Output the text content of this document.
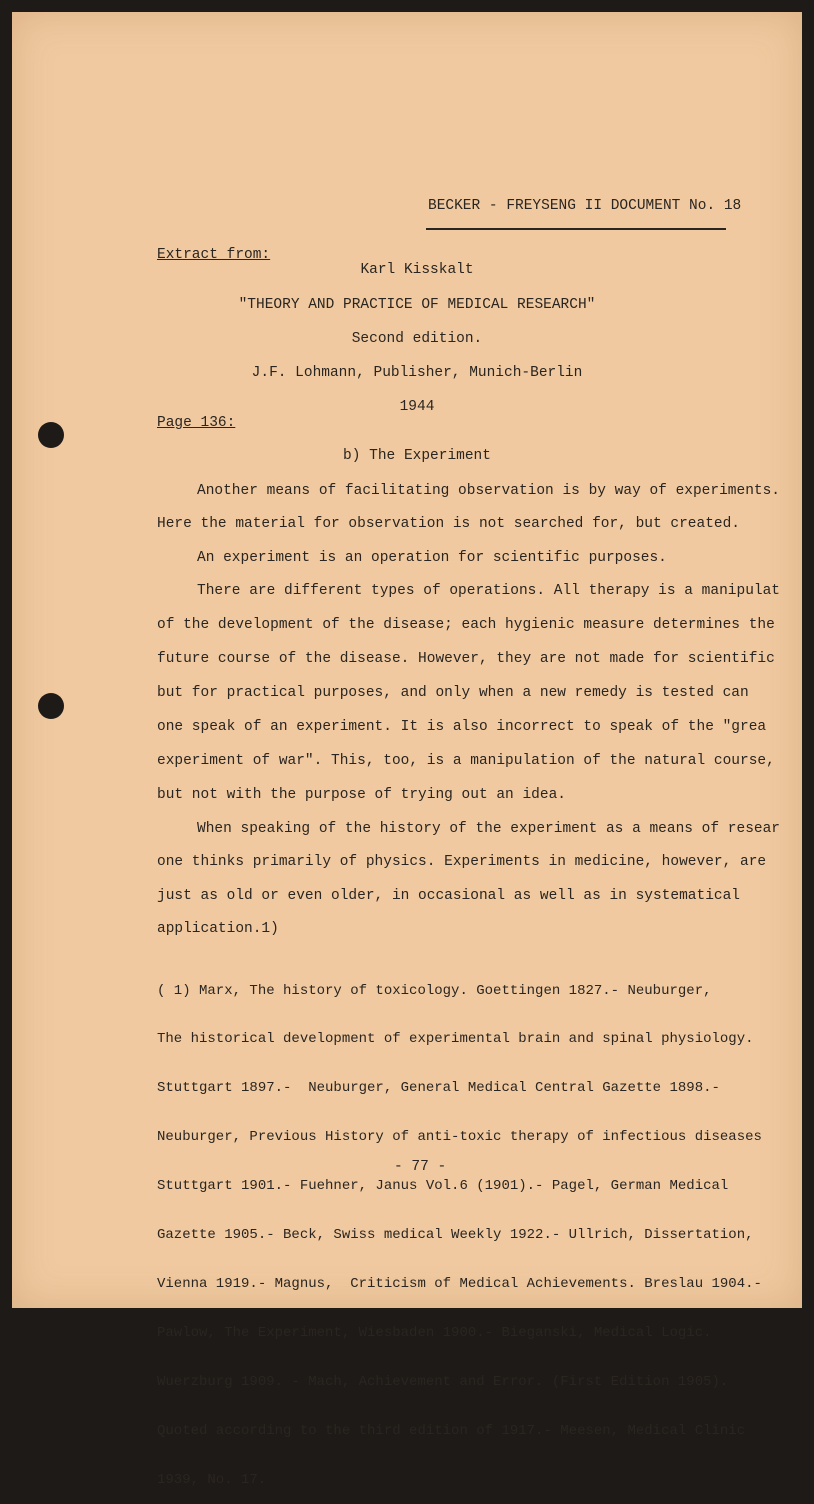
BECKER - FREYSENG II DOCUMENT No. 18
Extract from:
Karl Kisskalt
"THEORY AND PRACTICE OF MEDICAL RESEARCH"
Second edition.
J.F. Lohmann, Publisher, Munich-Berlin
1944
Page 136:
b) The Experiment
Another means of facilitating observation is by way of experiments.
Here the material for observation is not searched for, but created.
An experiment is an operation for scientific purposes.
There are different types of operations. All therapy is a manipulat
of the development of the disease; each hygienic measure determines the
future course of the disease. However, they are not made for scientific
but for practical purposes, and only when a new remedy is tested can
one speak of an experiment. It is also incorrect to speak of the "grea
experiment of war". This, too, is a manipulation of the natural course,
but not with the purpose of trying out an idea.
When speaking of the history of the experiment as a means of resear
one thinks primarily of physics. Experiments in medicine, however, are
just as old or even older, in occasional as well as in systematical
application.1)

( 1) Marx, The history of toxicology. Goettingen 1827.- Neuburger,

The historical development of experimental brain and spinal physiology.

Stuttgart 1897.-  Neuburger, General Medical Central Gazette 1898.-

Neuburger, Previous History of anti-toxic therapy of infectious diseases

Stuttgart 1901.- Fuehner, Janus Vol.6 (1901).- Pagel, German Medical

Gazette 1905.- Beck, Swiss medical Weekly 1922.- Ullrich, Dissertation,

Vienna 1919.- Magnus,  Criticism of Medical Achievements. Breslau 1904.-

Pawlow, The Experiment, Wiesbaden 1900.- Bieganski, Medical Logic.

Wuerzburg 1909. - Mach, Achievement and Error. (First Edition 1905).

Quoted according to the third edition of 1917.- Meesen, Medical Clinic

1939, No. 17.

- 77 -
